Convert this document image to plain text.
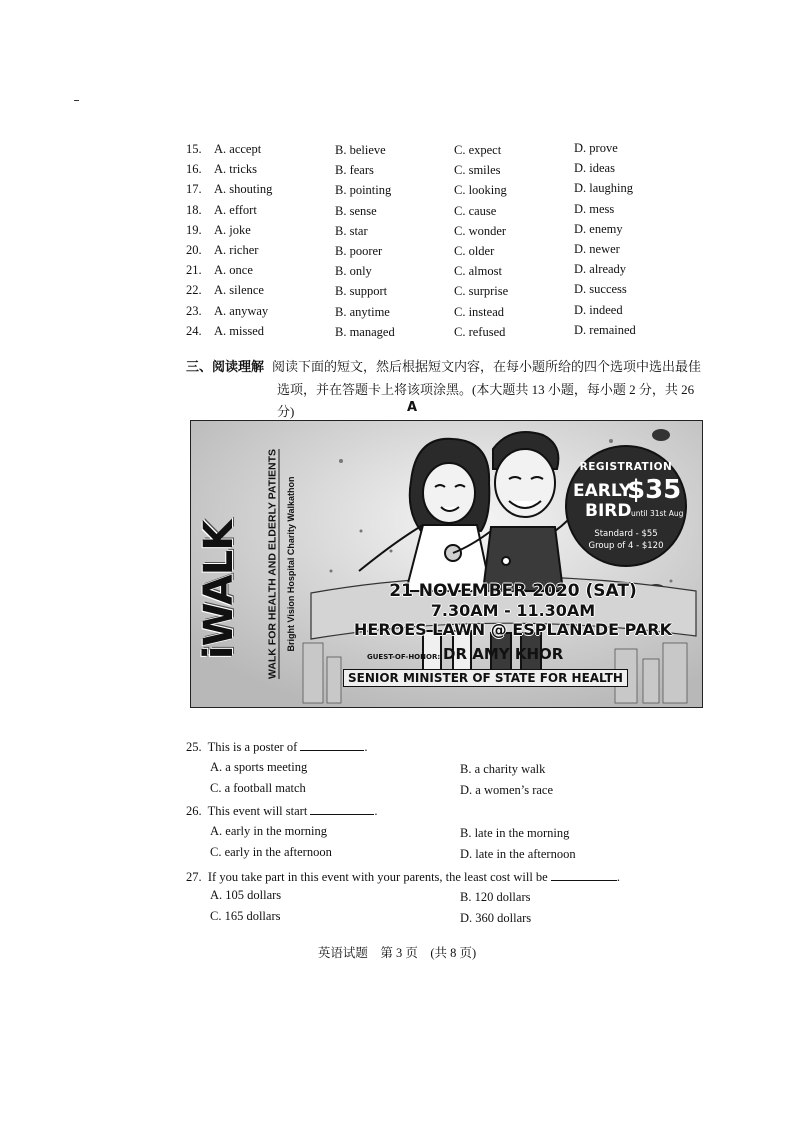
15. A. accept	B. believe	C. expect	D. prove
16. A. tricks	B. fears	C. smiles	D. ideas
17. A. shouting	B. pointing	C. looking	D. laughing
18. A. effort	B. sense	C. cause	D. mess
19. A. joke	B. star	C. wonder	D. enemy
20. A. richer	B. poorer	C. older	D. newer
21. A. once	B. only	C. almost	D. already
22. A. silence	B. support	C. surprise	D. success
23. A. anyway	B. anytime	C. instead	D. indeed
24. A. missed	B. managed	C. refused	D. remained
三、阅读理解 阅读下面的短文，然后根据短文内容，在每小题所给的四个选项中选出最佳
选项，并在答题卡上将该项涂黑。(本大题共 13 小题，每小题 2 分，共 26 分)	A
iWALK WALK FOR HEALTH AND ELDERLY PATIENTS Bright Vision Hospital Charity Walkathon
REGISTRATION
EARLY
$35
BIRD until 31st Aug
Standard - $55
Group of 4 - $120
21 NOVEMBER 2020 (SAT)
7.30AM - 11.30AM
HEROES LAWN @ ESPLANADE PARK
GUEST-OF-HONOR: DR AMY KHOR
SENIOR MINISTER OF STATE FOR HEALTH
25. This is a poster of	.
A. a sports meeting	B. a charity walk
C. a football match	D. a women’s race
26. This event will start	.
A. early in the morning	B. late in the morning
C. early in the afternoon	D. late in the afternoon
27. If you take part in this event with your parents, the least cost will be	.
A. 105 dollars	B. 120 dollars
C. 165 dollars	D. 360 dollars
英语试题　第 3 页　(共 8 页)
